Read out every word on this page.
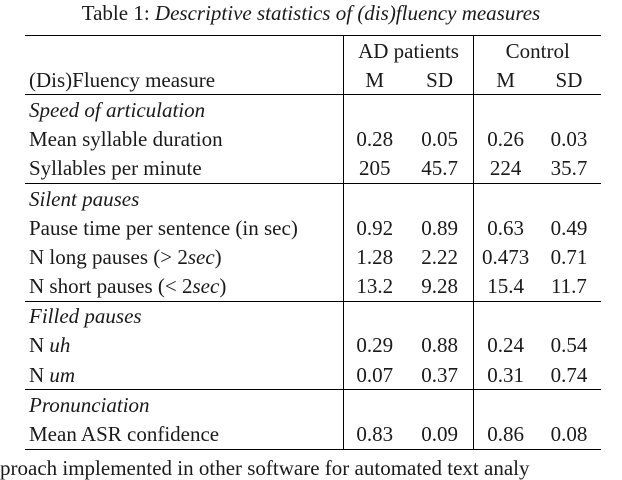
Table 1: Descriptive statistics of (dis)fluency measures
	AD patients		Control	
(Dis)Fluency measure	M	SD	M	SD
Speed of articulation				
Mean syllable duration	0.28	0.05	0.26	0.03
Syllables per minute	205	45.7	224	35.7
Silent pauses				
Pause time per sentence (in sec)	0.92	0.89	0.63	0.49
N long pauses (> 2sec)	1.28	2.22	0.473	0.71
N short pauses (< 2sec)	13.2	9.28	15.4	11.7
Filled pauses				
N uh	0.29	0.88	0.24	0.54
N um	0.07	0.37	0.31	0.74
Pronunciation				
Mean ASR confidence	0.83	0.09	0.86	0.08
proach implemented in other software for automated text analy
